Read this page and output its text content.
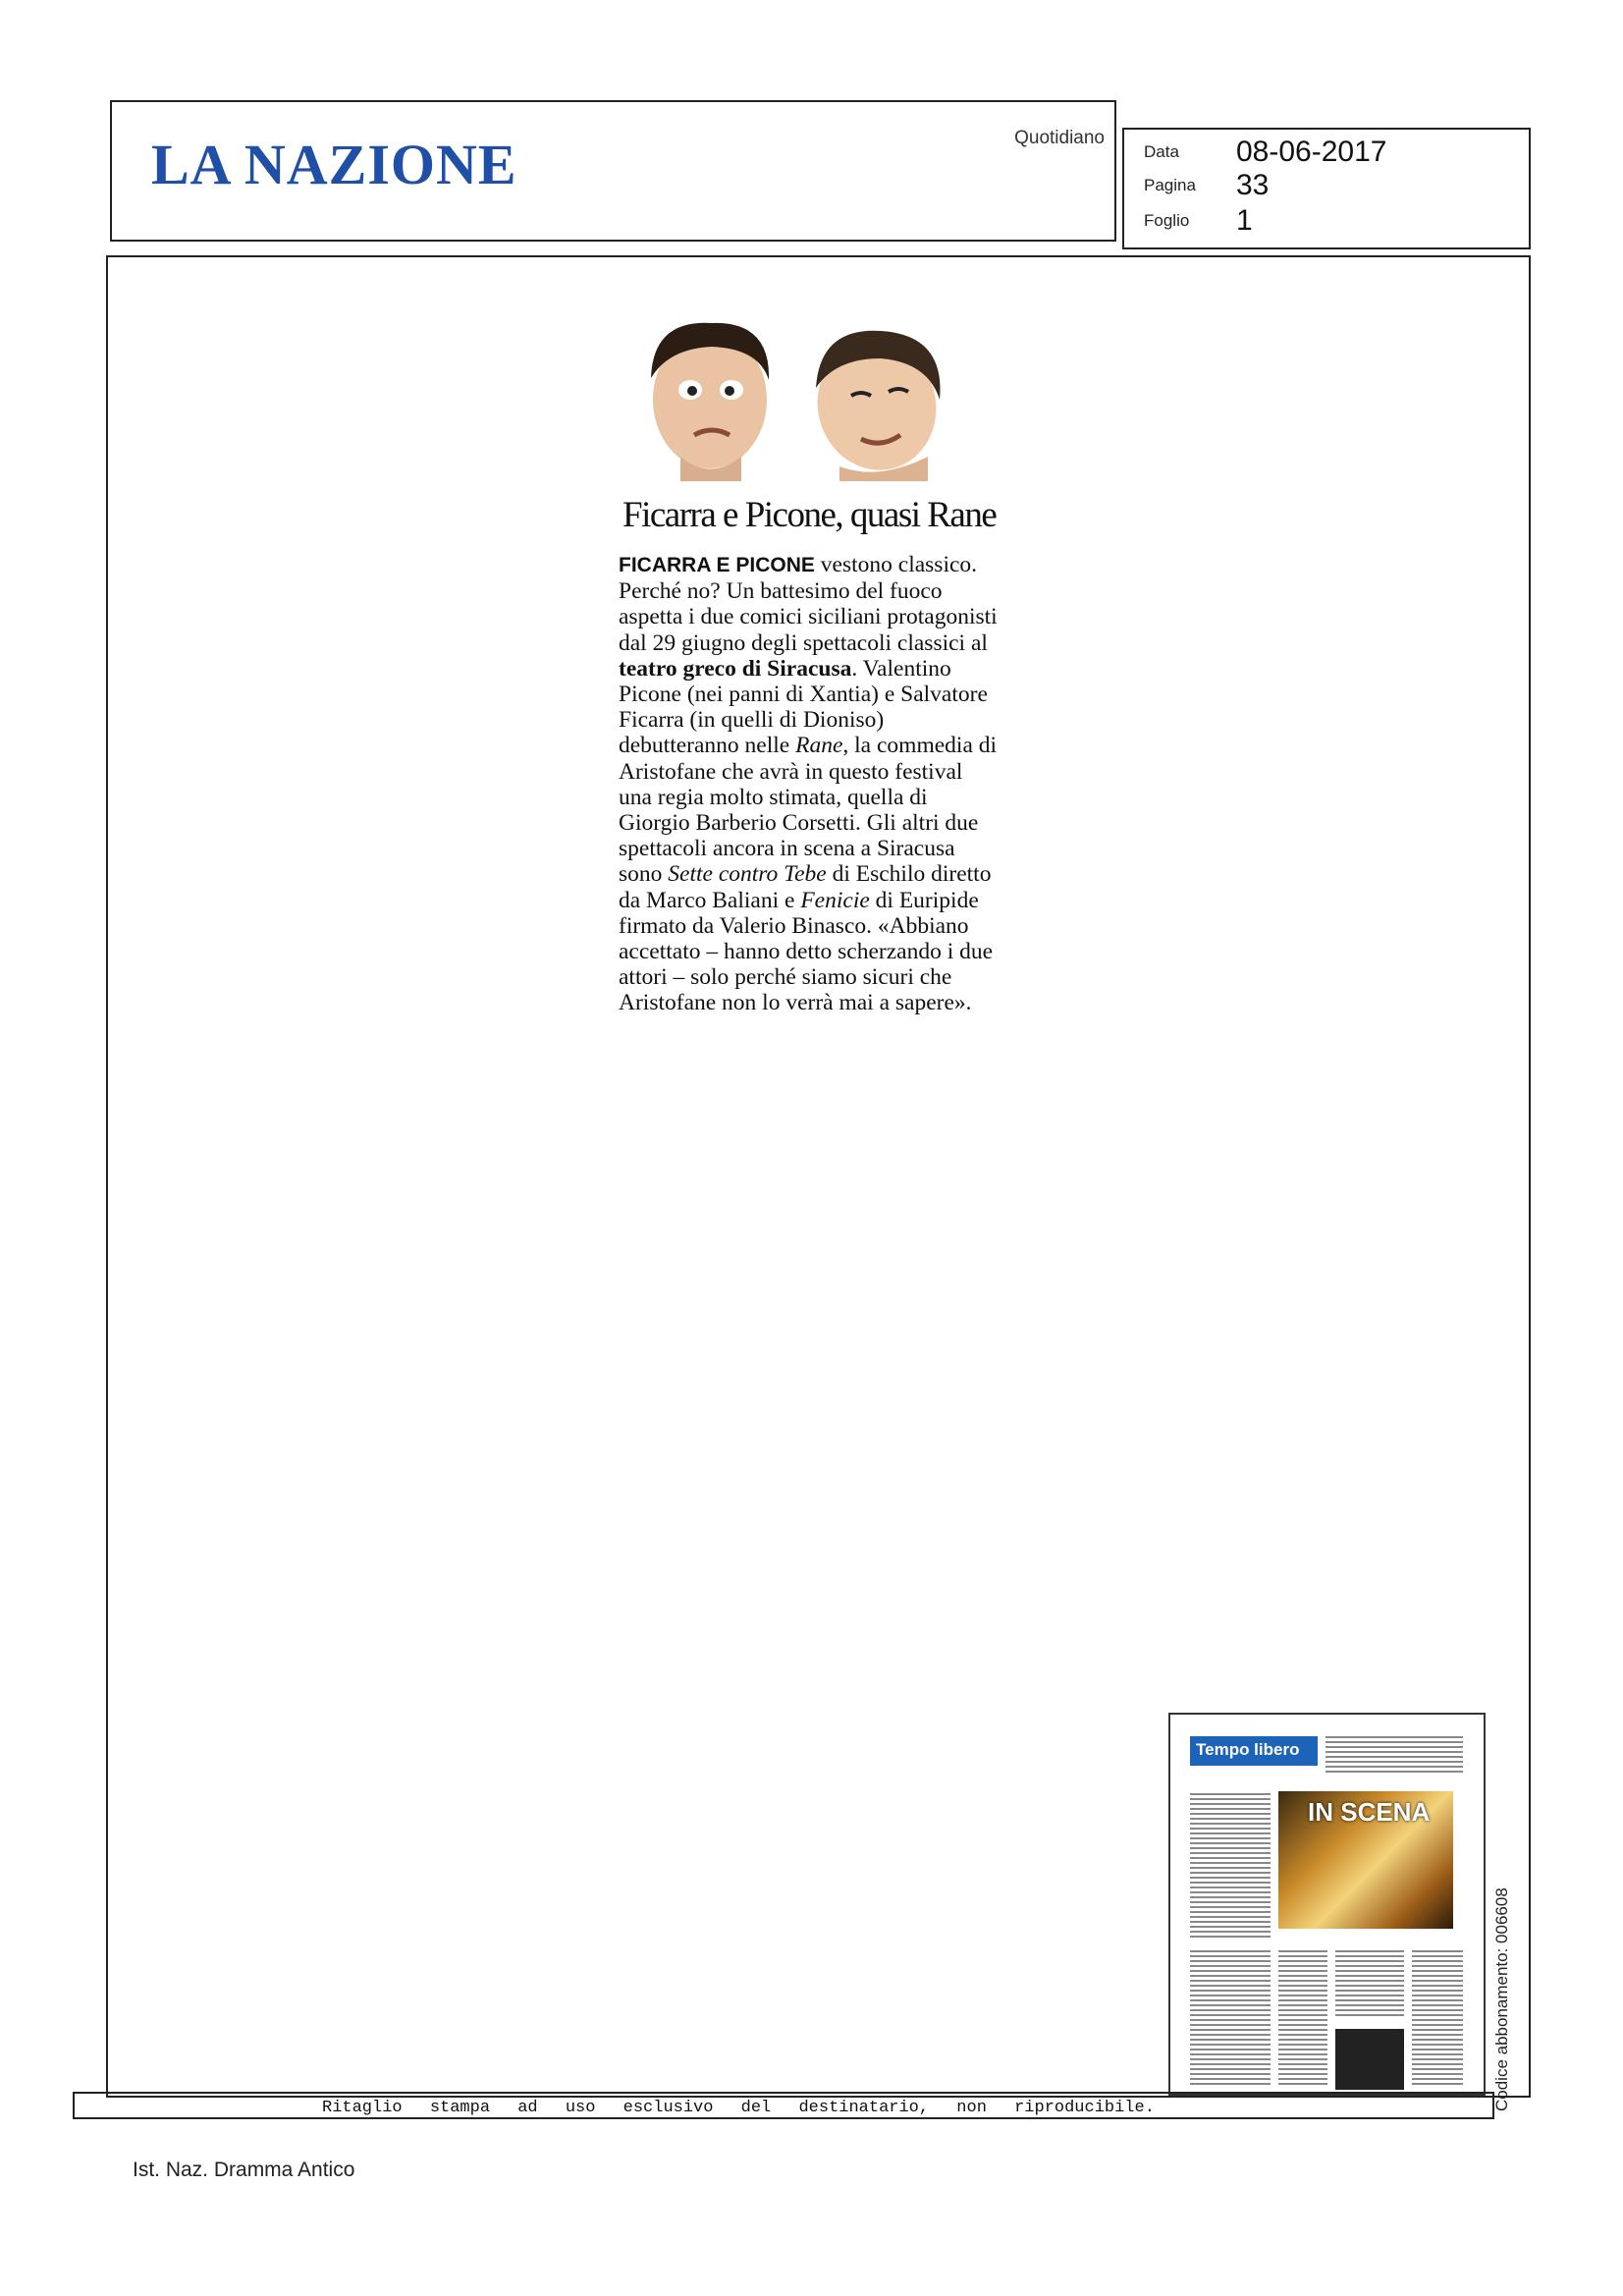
LA NAZIONE	Quotidiano
Data 08-06-2017
Pagina 33
Foglio 1
Ficarra e Picone, quasi Rane
FICARRA E PICONE vestono classico. Perché no? Un battesimo del fuoco aspetta i due comici siciliani protagonisti dal 29 giugno degli spettacoli classici al teatro greco di Siracusa. Valentino Picone (nei panni di Xantia) e Salvatore Ficarra (in quelli di Dioniso) debutteranno nelle Rane, la commedia di Aristofane che avrà in questo festival una regia molto stimata, quella di Giorgio Barberio Corsetti. Gli altri due spettacoli ancora in scena a Siracusa sono Sette contro Tebe di Eschilo diretto da Marco Baliani e Fenicie di Euripide firmato da Valerio Binasco. «Abbiano accettato – hanno detto scherzando i due attori – solo perché siamo sicuri che Aristofane non lo verrà mai a sapere».
Tempo libero
IN SCENA
Ritaglio stampa ad uso esclusivo del destinatario, non riproducibile.
Ist. Naz. Dramma Antico
Codice abbonamento: 006608
